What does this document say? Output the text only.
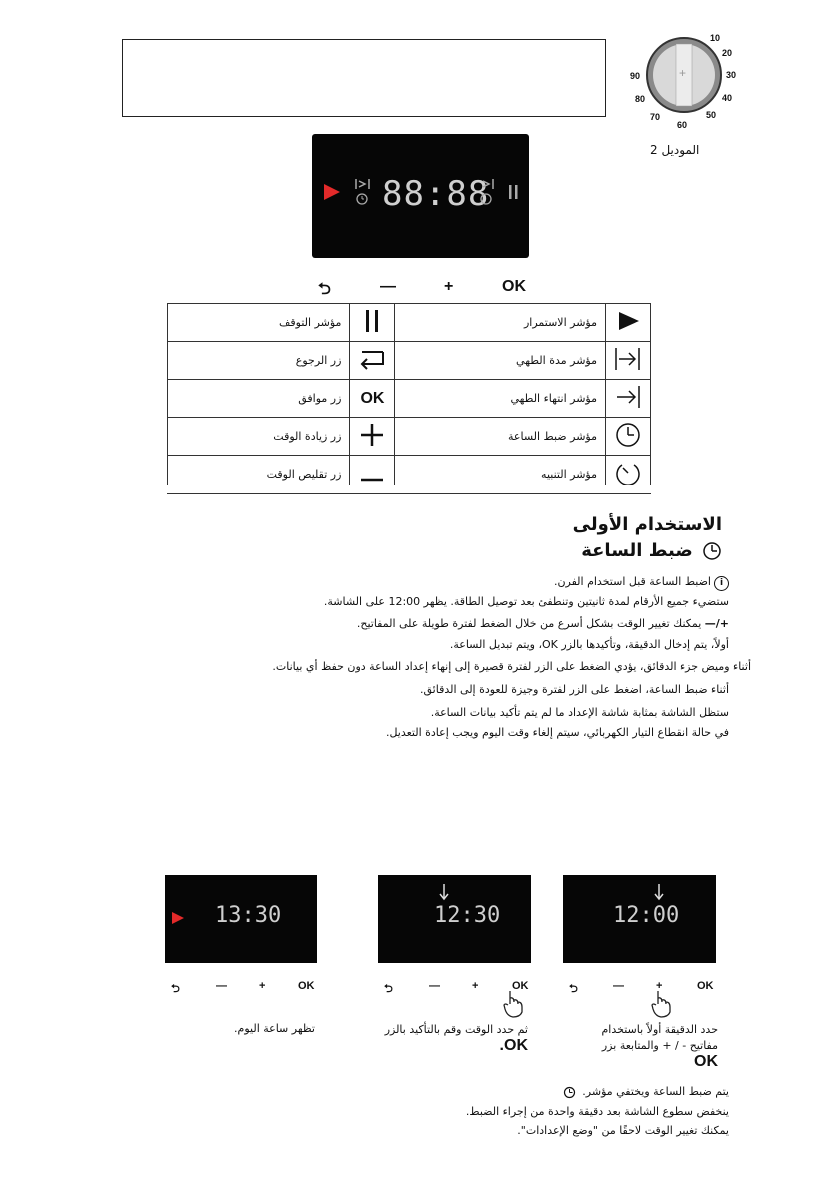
10
20
30
40
50
60
70
80
90	+
الموديل 2
88:88
⮌	—	+	OK
مؤشر التوقف		مؤشر الاستمرار	
زر الرجوع		مؤشر مدة الطهي	
زر موافق	OK	مؤشر انتهاء الطهي	
زر زيادة الوقت		مؤشر ضبط الساعة	
زر تقليص الوقت		مؤشر التنبيه	
الاستخدام الأولى
ضبط الساعة
iاضبط الساعة قبل استخدام الفرن.
ستضيء جميع الأرقام لمدة ثانيتين وتنطفئ بعد توصيل الطاقة. يظهر 12:00 على الشاشة.
+/— يمكنك تغيير الوقت بشكل أسرع من خلال الضغط لفترة طويلة على المفاتيح.
أولاً، يتم إدخال الدقيقة، وتأكيدها بالزر OK، ويتم تبديل الساعة.
أثناء وميض جزء الدقائق، يؤدي الضغط على الزر لفترة قصيرة إلى إنهاء إعداد الساعة دون حفظ أي بيانات.
أثناء ضبط الساعة، اضغط على الزر لفترة وجيزة للعودة إلى الدقائق.
ستظل الشاشة بمثابة شاشة الإعداد ما لم يتم تأكيد بيانات الساعة.
في حالة انقطاع التيار الكهربائي، سيتم إلغاء وقت اليوم ويجب إعادة التعديل.
13:30	12:30	12:00
⮌	—	+	OK	⮌	—	+	OK	⮌	—	+	OK
تظهر ساعة اليوم.	ثم حدد الوقت وقم بالتأكيد بالزر OK.
حدد الدقيقة أولاً باستخدام مفاتيح - / + والمتابعة بزر OK
يتم ضبط الساعة ويختفي مؤشر.
ينخفض سطوع الشاشة بعد دقيقة واحدة من إجراء الضبط.
يمكنك تغيير الوقت لاحقًا من "وضع الإعدادات".
